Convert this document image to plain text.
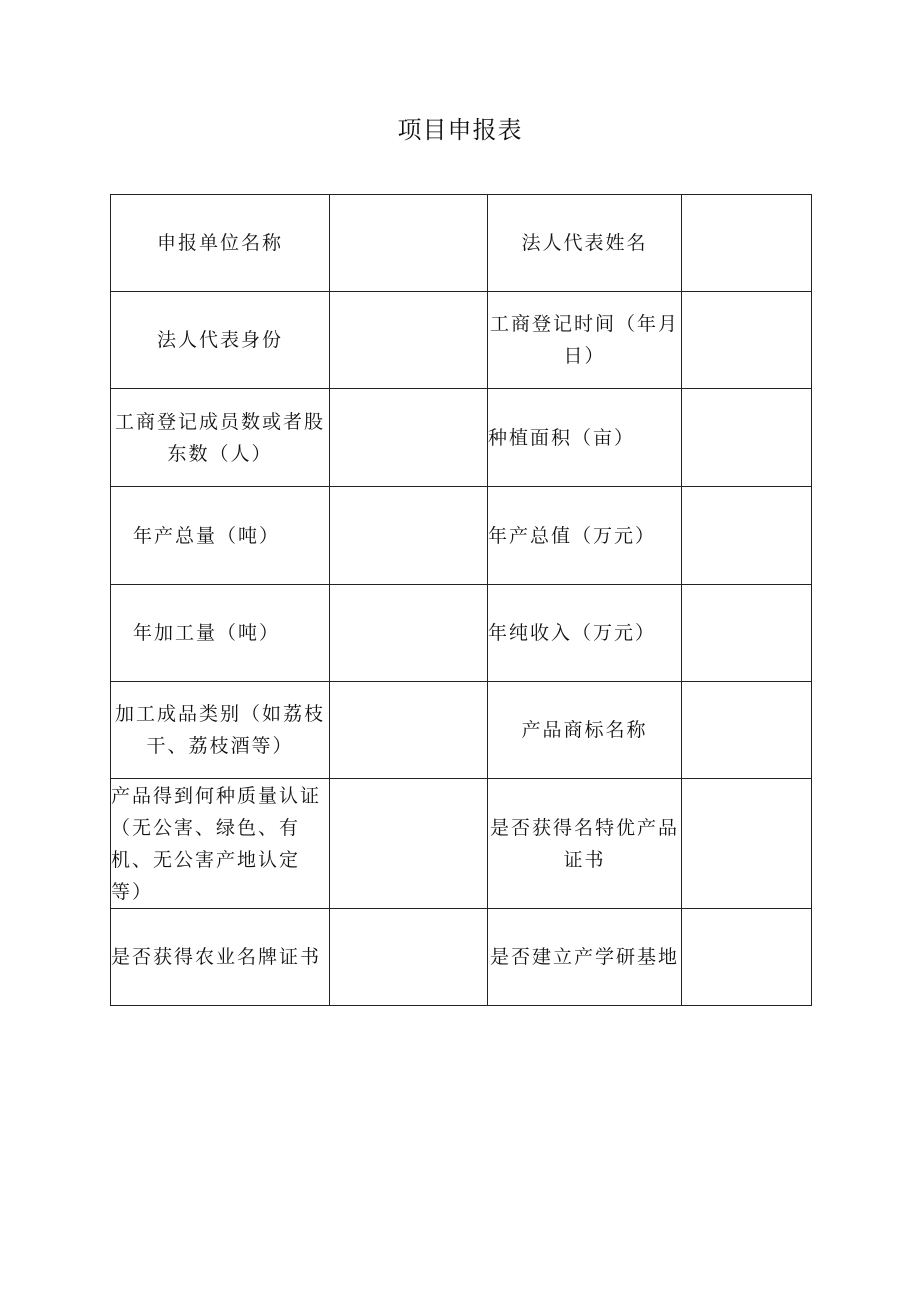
项目申报表
申报单位名称		法人代表姓名	
法人代表身份		工商登记时间（年月日）	
工商登记成员数或者股东数（人）		种植面积（亩）	
年产总量（吨）		年产总值（万元）	
年加工量（吨）		年纯收入（万元）	
加工成品类别（如荔枝干、荔枝酒等）		产品商标名称	
产品得到何种质量认证（无公害、绿色、有机、无公害产地认定等）		是否获得名特优产品证书	
是否获得农业名牌证书		是否建立产学研基地	
